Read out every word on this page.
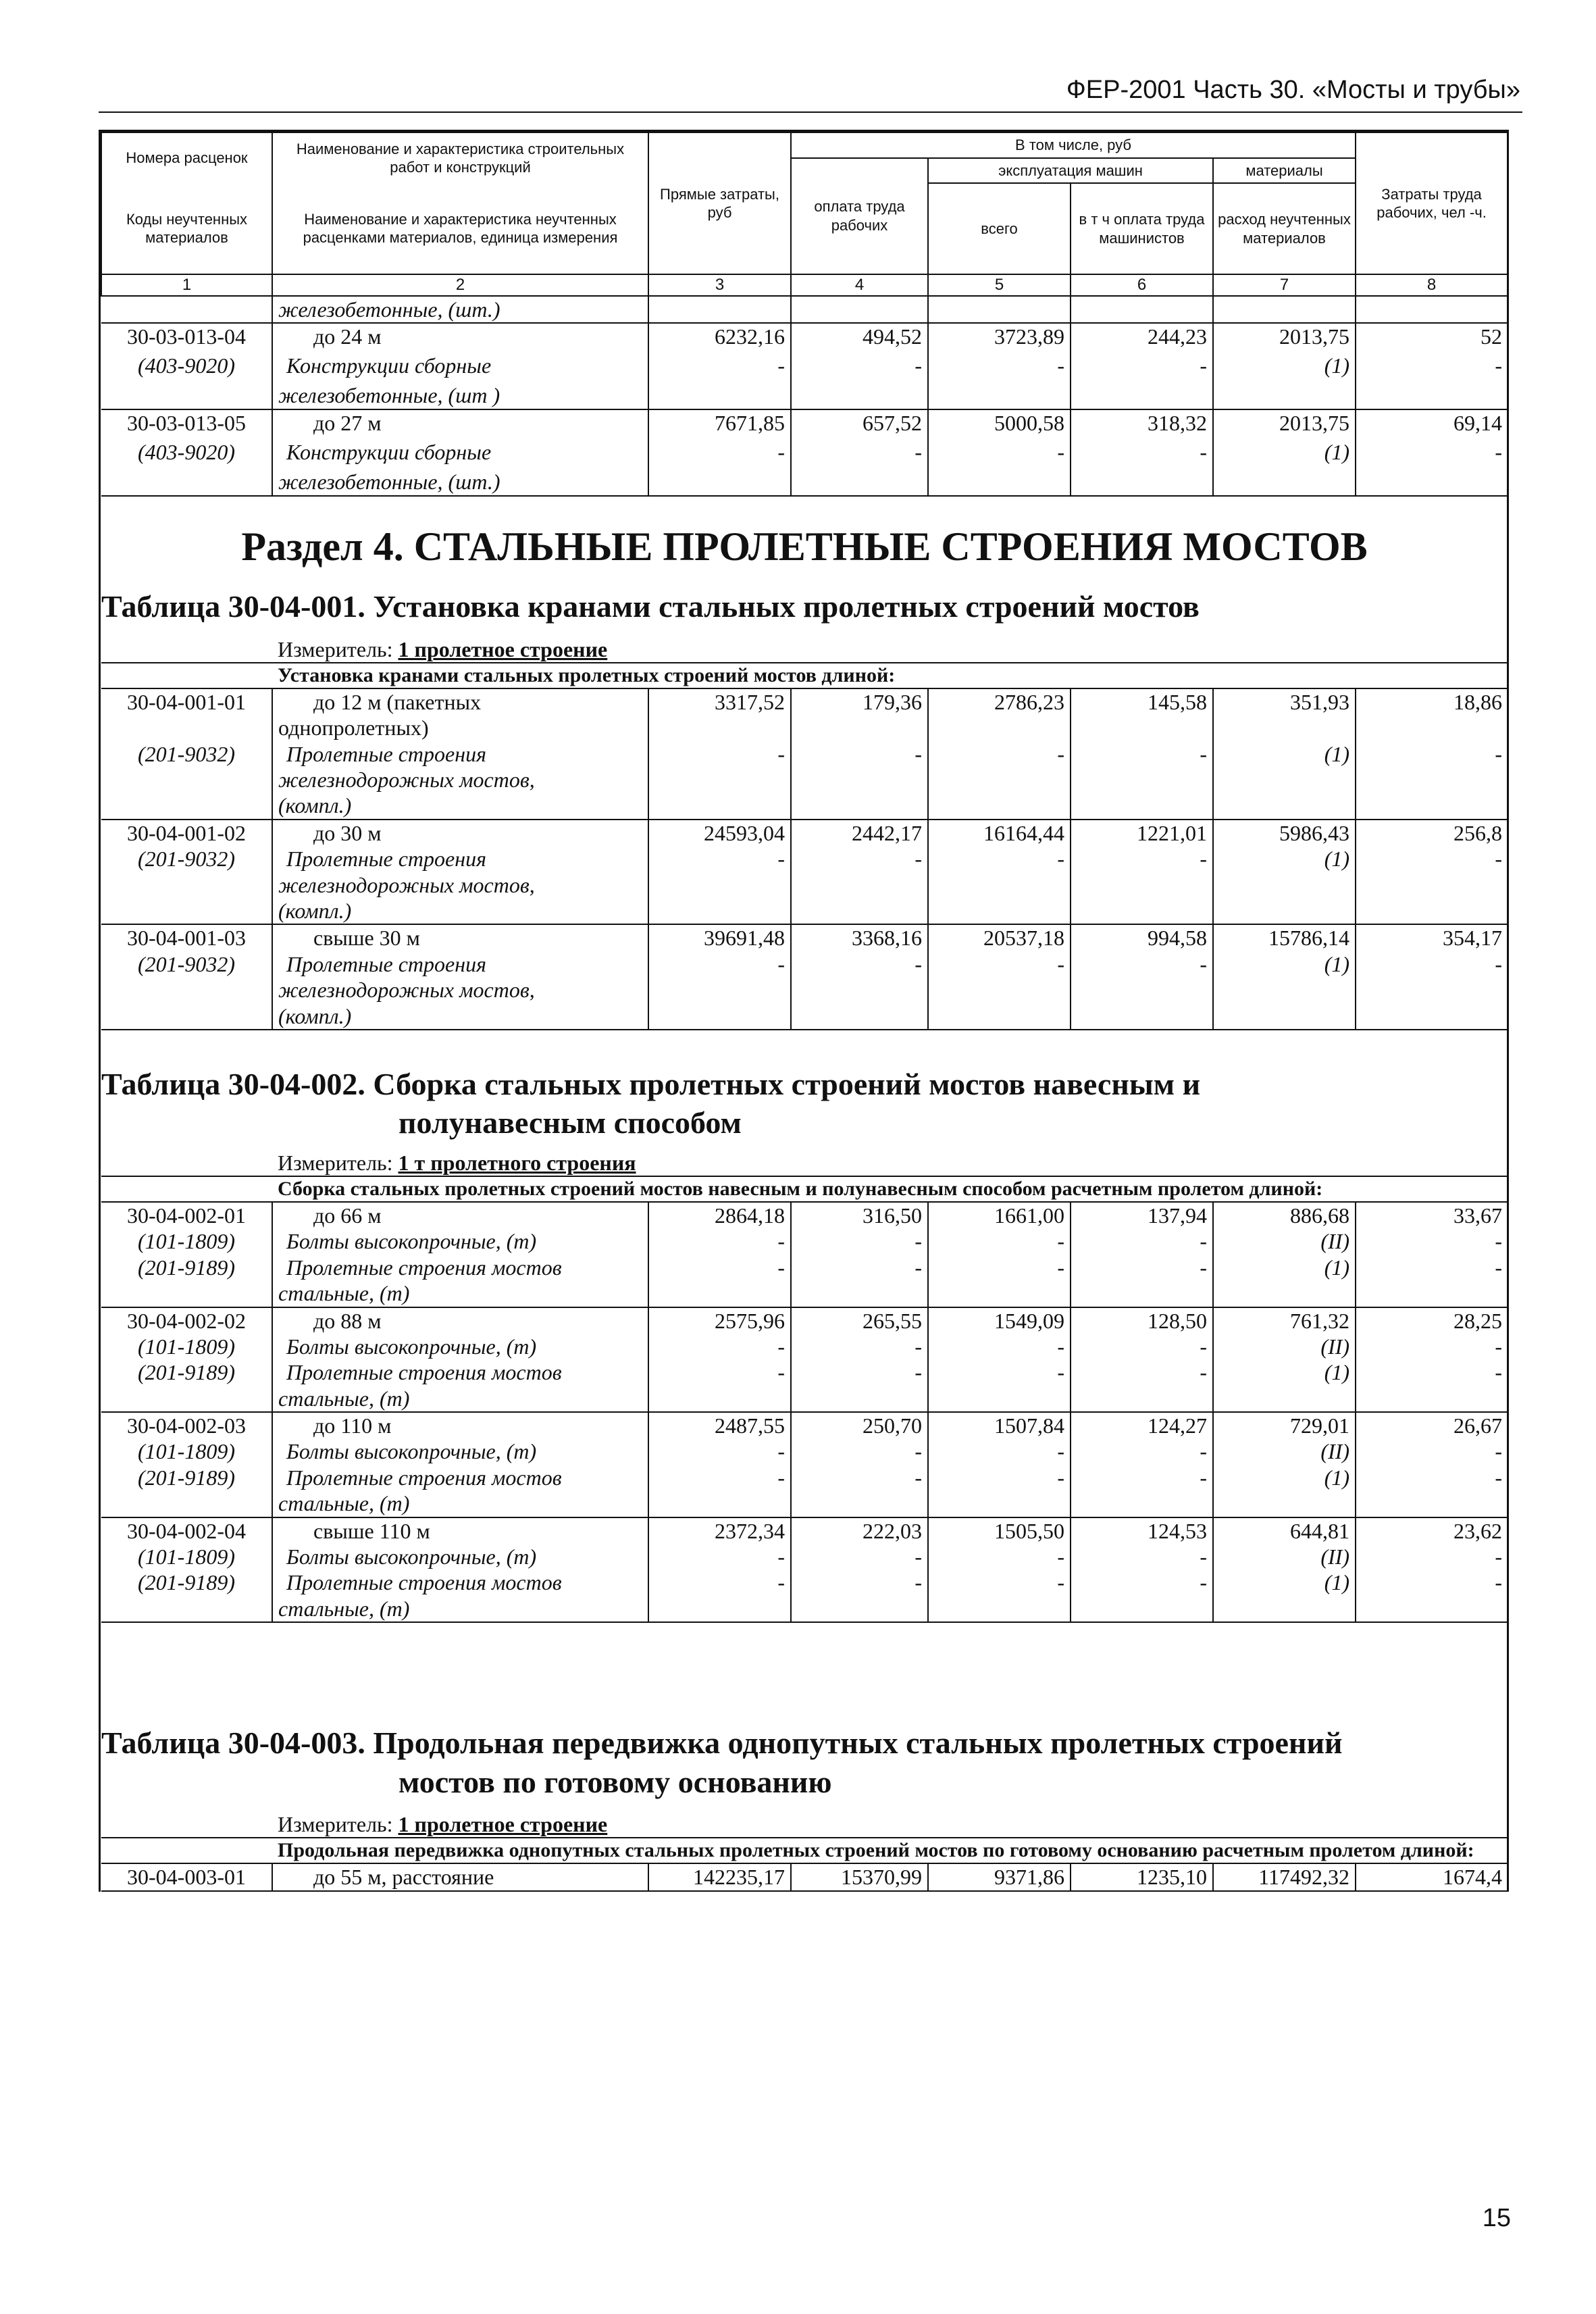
ФЕР-2001 Часть 30. «Мосты и трубы»
Номера расценок	Наименование и характеристика строительных работ и конструкций	Прямые затраты, руб	В том числе, руб				Затраты труда рабочих, чел -ч.
			оплата труда рабочих	эксплуатация машин		материалы	
Коды неучтенных материалов	Наименование и характеристика неучтенных расценками материалов, единица измерения			всего	в т ч оплата труда машинистов	расход неучтенных материалов	

1	2	3	4	5	6	7	8
	железобетонные, (шт.)						
30-03-013-04	до 24 м	6232,16	494,52	3723,89	244,23	2013,75	52
(403-9020)	Конструкции сборные	-	-	-	-	(1)	-
	железобетонные, (шт )						
30-03-013-05	до 27 м	7671,85	657,52	5000,58	318,32	2013,75	69,14
(403-9020)	Конструкции сборные	-	-	-	-	(1)	-
	железобетонные, (шт.)						
Раздел 4. СТАЛЬНЫЕ ПРОЛЕТНЫЕ СТРОЕНИЯ МОСТОВ							
Таблица 30-04-001. Установка кранами стальных пролетных строений мостов							
	Измеритель: 1 пролетное строение						
	Установка кранами стальных пролетных строений мостов длиной:						
30-04-001-01	до 12 м (пакетных	3317,52	179,36	2786,23	145,58	351,93	18,86
	однопролетных)						
(201-9032)	Пролетные строения	-	-	-	-	(1)	-
	железнодорожных мостов,						
	(компл.)						
30-04-001-02	до 30 м	24593,04	2442,17	16164,44	1221,01	5986,43	256,8
(201-9032)	Пролетные строения	-	-	-	-	(1)	-
	железнодорожных мостов,						
	(компл.)						
30-04-001-03	свыше 30 м	39691,48	3368,16	20537,18	994,58	15786,14	354,17
(201-9032)	Пролетные строения	-	-	-	-	(1)	-
	железнодорожных мостов,						
	(компл.)						

Таблица 30-04-002. Сборка стальных пролетных строений мостов навесным и
полунавесным способом							
	Измеритель: 1 т пролетного строения						
	Сборка стальных пролетных строений мостов навесным и полунавесным способом расчетным пролетом длиной:						
30-04-002-01	до 66 м	2864,18	316,50	1661,00	137,94	886,68	33,67
(101-1809)	Болты высокопрочные, (т)	-	-	-	-	(II)	-
(201-9189)	Пролетные строения мостов	-	-	-	-	(1)	-
	стальные, (т)						
30-04-002-02	до 88 м	2575,96	265,55	1549,09	128,50	761,32	28,25
(101-1809)	Болты высокопрочные, (т)	-	-	-	-	(II)	-
(201-9189)	Пролетные строения мостов	-	-	-	-	(1)	-
	стальные, (т)						
30-04-002-03	до 110 м	2487,55	250,70	1507,84	124,27	729,01	26,67
(101-1809)	Болты высокопрочные, (т)	-	-	-	-	(II)	-
(201-9189)	Пролетные строения мостов	-	-	-	-	(1)	-
	стальные, (т)						
30-04-002-04	свыше 110 м	2372,34	222,03	1505,50	124,53	644,81	23,62
(101-1809)	Болты высокопрочные, (т)	-	-	-	-	(II)	-
(201-9189)	Пролетные строения мостов	-	-	-	-	(1)	-
	стальные, (т)						

Таблица 30-04-003. Продольная передвижка однопутных стальных пролетных строений
мостов по готовому основанию							
	Измеритель: 1 пролетное строение						
	Продольная передвижка однопутных стальных пролетных строений мостов по готовому основанию расчетным пролетом длиной:						
30-04-003-01	до 55 м, расстояние	142235,17	15370,99	9371,86	1235,10	117492,32	1674,4
15
